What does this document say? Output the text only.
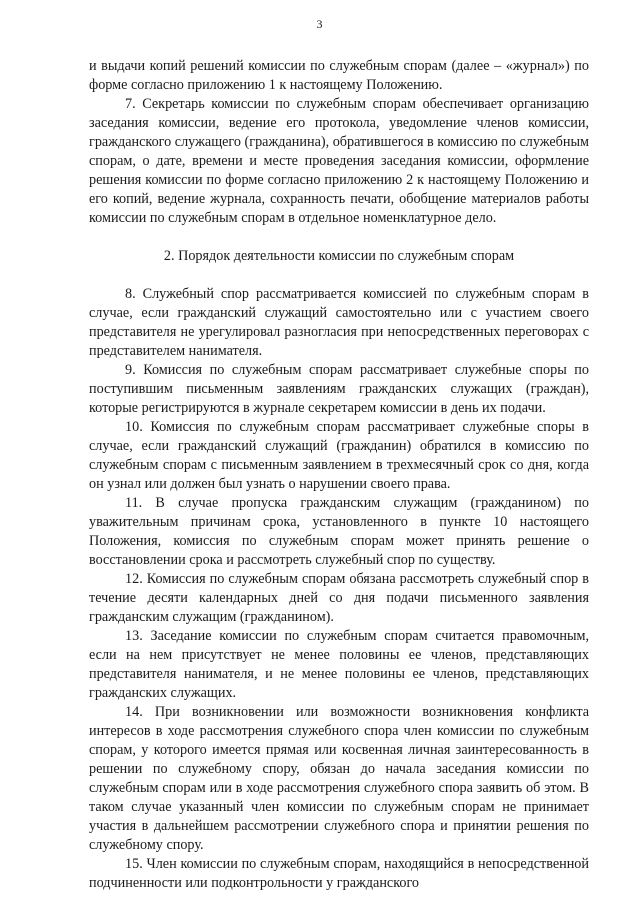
3

и выдачи копий решений комиссии по служебным спорам (далее – «журнал») по форме согласно приложению 1 к настоящему Положению.

7. Секретарь комиссии по служебным спорам обеспечивает организацию заседания комиссии, ведение его протокола, уведомление членов комиссии, гражданского служащего (гражданина), обратившегося в комиссию по служебным спорам, о дате, времени и месте проведения заседания комиссии, оформление решения комиссии по форме согласно приложению 2 к настоящему Положению и его копий, ведение журнала, сохранность печати, обобщение материалов работы комиссии по служебным спорам в отдельное номенклатурное дело.

2. Порядок деятельности комиссии по служебным спорам

8. Служебный спор рассматривается комиссией по служебным спорам в случае, если гражданский служащий самостоятельно или с участием своего представителя не урегулировал разногласия при непосредственных переговорах с представителем нанимателя.

9. Комиссия по служебным спорам рассматривает служебные споры по поступившим письменным заявлениям гражданских служащих (граждан), которые регистрируются в журнале секретарем комиссии в день их подачи.

10. Комиссия по служебным спорам рассматривает служебные споры в случае, если гражданский служащий (гражданин) обратился в комиссию по служебным спорам с письменным заявлением в трехмесячный срок со дня, когда он узнал или должен был узнать о нарушении своего права.

11. В случае пропуска гражданским служащим (гражданином) по уважительным причинам срока, установленного в пункте 10 настоящего Положения, комиссия по служебным спорам может принять решение о восстановлении срока и рассмотреть служебный спор по существу.

12. Комиссия по служебным спорам обязана рассмотреть служебный спор в течение десяти календарных дней со дня подачи письменного заявления гражданским служащим (гражданином).

13. Заседание комиссии по служебным спорам считается правомочным, если на нем присутствует не менее половины ее членов, представляющих представителя нанимателя, и не менее половины ее членов, представляющих гражданских служащих.

14. При возникновении или возможности возникновения конфликта интересов в ходе рассмотрения служебного спора член комиссии по служебным спорам, у которого имеется прямая или косвенная личная заинтересованность в решении по служебному спору, обязан до начала заседания комиссии по служебным спорам или в ходе рассмотрения служебного спора заявить об этом. В таком случае указанный член комиссии по служебным спорам не принимает участия в дальнейшем рассмотрении служебного спора и принятии решения по служебному спору.

15. Член комиссии по служебным спорам, находящийся в непосредственной подчиненности или подконтрольности у гражданского
